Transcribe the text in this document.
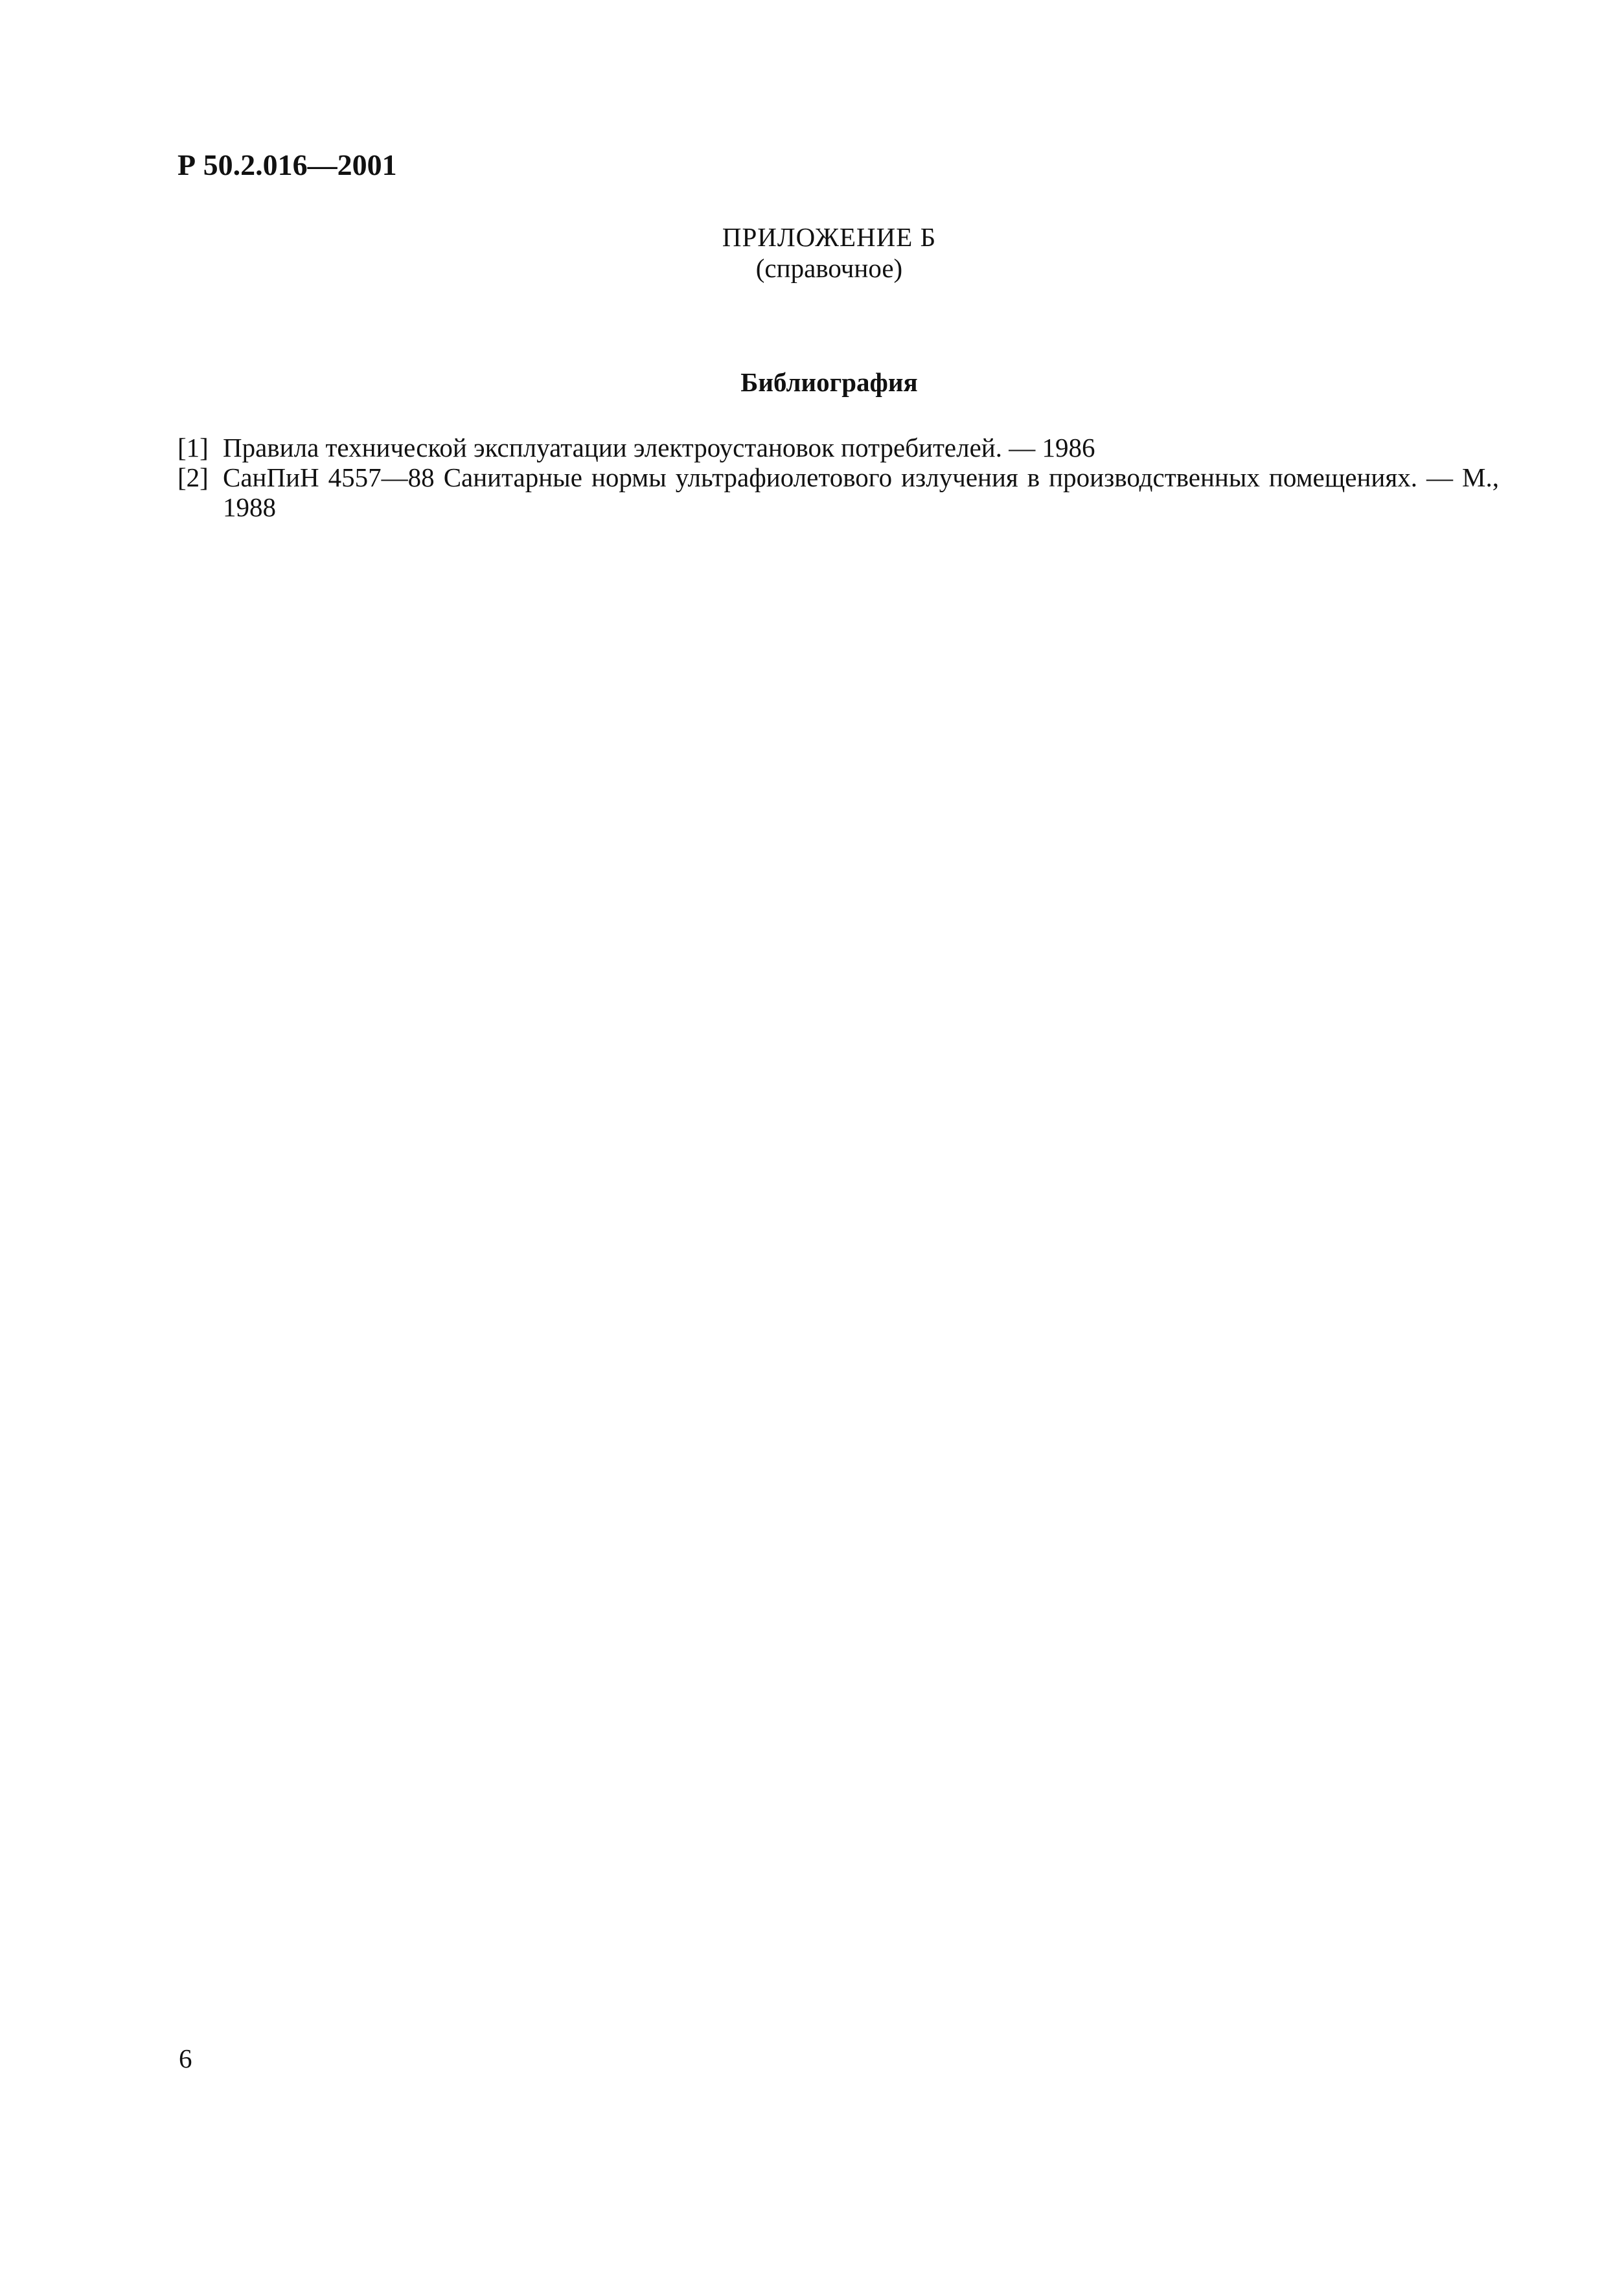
Р 50.2.016—2001
ПРИЛОЖЕНИЕ Б
(справочное)
Библиография
[1] Правила технической эксплуатации электроустановок потребителей. — 1986
[2] СанПиН 4557—88 Санитарные нормы ультрафиолетового излучения в производственных помещениях. — М., 1988
6
